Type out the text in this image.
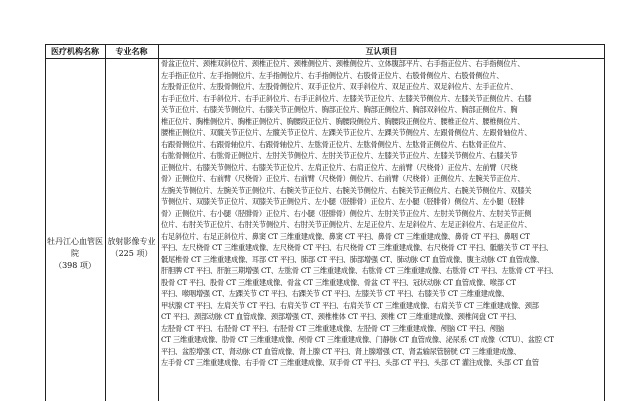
医疗机构名称	专业名称	互认项目
牡丹江心血管医院
（398 项）
放射影像专业
（225 项）
骨盆正位片、颈椎双斜位片、颈椎正位片、颈椎侧位片、颈椎侧位片、立体腹部平片、右手指正位片、右手指侧位片、
左手指正位片、左手指侧位片、左手指侧位片、右手指侧位片、右股骨正位片、右股骨侧位片、右股骨侧位片、
左股骨正位片、左股骨侧位片、左股骨侧位片、双手正位片、双手斜位片、双足正位片、双足斜位片、左手正位片、
右手正位片、右手斜位片、右手正斜位片、右手正斜位片、左膝关节正位片、左膝关节侧位片、左膝关节正侧位片、右膝
关节正位片、右膝关节侧位片、右膝关节正侧位片、胸部正位片、胸部正侧位片、胸部双斜位片、胸部正侧位片、胸
椎正位片、胸椎侧位片、胸椎正侧位片、胸腰段正位片、胸腰段侧位片、胸腰段正侧位片、腰椎正位片、腰椎侧位片、
腰椎正侧位片、双髋关节正位片、左髋关节正位片、左踝关节正位片、左踝关节侧位片、左跟骨侧位片、左跟骨轴位片、
右跟骨侧位片、右跟骨轴位片、右跟骨轴位片、左肱骨正位片、左肱骨侧位片、左肱骨正侧位片、右肱骨正位片、
右肱骨侧位片、右肱骨正侧位片、左肘关节侧位片、左肘关节正位片、左膝关节正位片、左膝关节侧位片、右膝关节
正侧位片、右膝关节侧位片、右膝关节正位片、左肩正位片、右肩正位片、左前臂（尺桡骨）正位片、左前臂（尺桡
骨）正侧位片、右前臂（尺桡骨）正位片、右前臂（尺桡骨）侧位片、右前臂（尺桡骨）正侧位片、左腕关节正位片、
左腕关节侧位片、左腕关节正侧位片、右腕关节正位片、右腕关节侧位片、右腕关节正侧位片、右腕关节侧位片、双膝关
节侧位片、双膝关节正位片、双膝关节正侧位片、左小腿（胫腓骨）正位片、左小腿（胫腓骨）侧位片、左小腿（胫腓
骨）正侧位片、右小腿（胫腓骨）正位片、右小腿（胫腓骨）侧位片、左肘关节正位片、左肘关节侧位片、左肘关节正侧
位片、右肘关节正位片、右肘关节侧位片、右肘关节正侧位片、左足正位片、左足斜位片、左足正斜位片、右足正位片、
右足斜位片、右足正斜位片、鼻窦 CT 三维重建成像、鼻窦 CT 平扫、鼻骨 CT 三维重建成像、鼻骨 CT 平扫、鼻咽 CT
平扫、左尺桡骨 CT 三维重建成像、左尺桡骨 CT 平扫、右尺桡骨 CT 三维重建成像、右尺桡骨 CT 平扫、骶髂关节 CT 平扫、
骶尾椎骨 CT 三维重建成像、耳部 CT 平扫、肺部 CT 平扫、肺部增强 CT、肺动脉 CT 血管成像、腹主动脉 CT 血管成像、
肝胆脾 CT 平扫、肝脏三期增强 CT、左肱骨 CT 三维重建成像、右肱骨 CT 三维重建成像、右肱骨 CT 平扫、左肱骨 CT 平扫、
股骨 CT 平扫、股骨 CT 三维重建成像、骨盆 CT 三维重建成像、骨盆 CT 平扫、冠状动脉 CT 血管成像、喉部 CT
平扫、喉咽增强 CT、左踝关节 CT 平扫、右踝关节 CT 平扫、左膝关节 CT 平扫、右膝关节 CT 三维重建成像、
甲状腺 CT 平扫、左肩关节 CT 平扫、右肩关节 CT 平扫、右肩关节 CT 三维重建成像、右肩关节 CT 三维重建成像、颈部
CT 平扫、颈部动脉 CT 血管成像、颈部增强 CT、颈椎椎体 CT 平扫、颈椎 CT 三维重建成像、颈椎间盘 CT 平扫、
左胫骨 CT 平扫、右胫骨 CT 平扫、右胫骨 CT 三维重建成像、左胫骨 CT 三维重建成像、颅脑 CT 平扫、颅脑
CT 三维重建成像、肋骨 CT 三维重建成像、颅骨 CT 三维重建成像、门静脉 CT 血管成像、泌尿系 CT 成像（CTU）、盆腔 CT
平扫、盆腔增强 CT、肾动脉 CT 血管成像、肾上腺 CT 平扫、肾上腺增强 CT、肾盂输尿管膀胱 CT 三维重建成像、
左手骨 CT 三维重建成像、右手骨 CT 三维重建成像、双手骨 CT 平扫、头部 CT 平扫、头部 CT 灌注成像、头部 CT 血管
